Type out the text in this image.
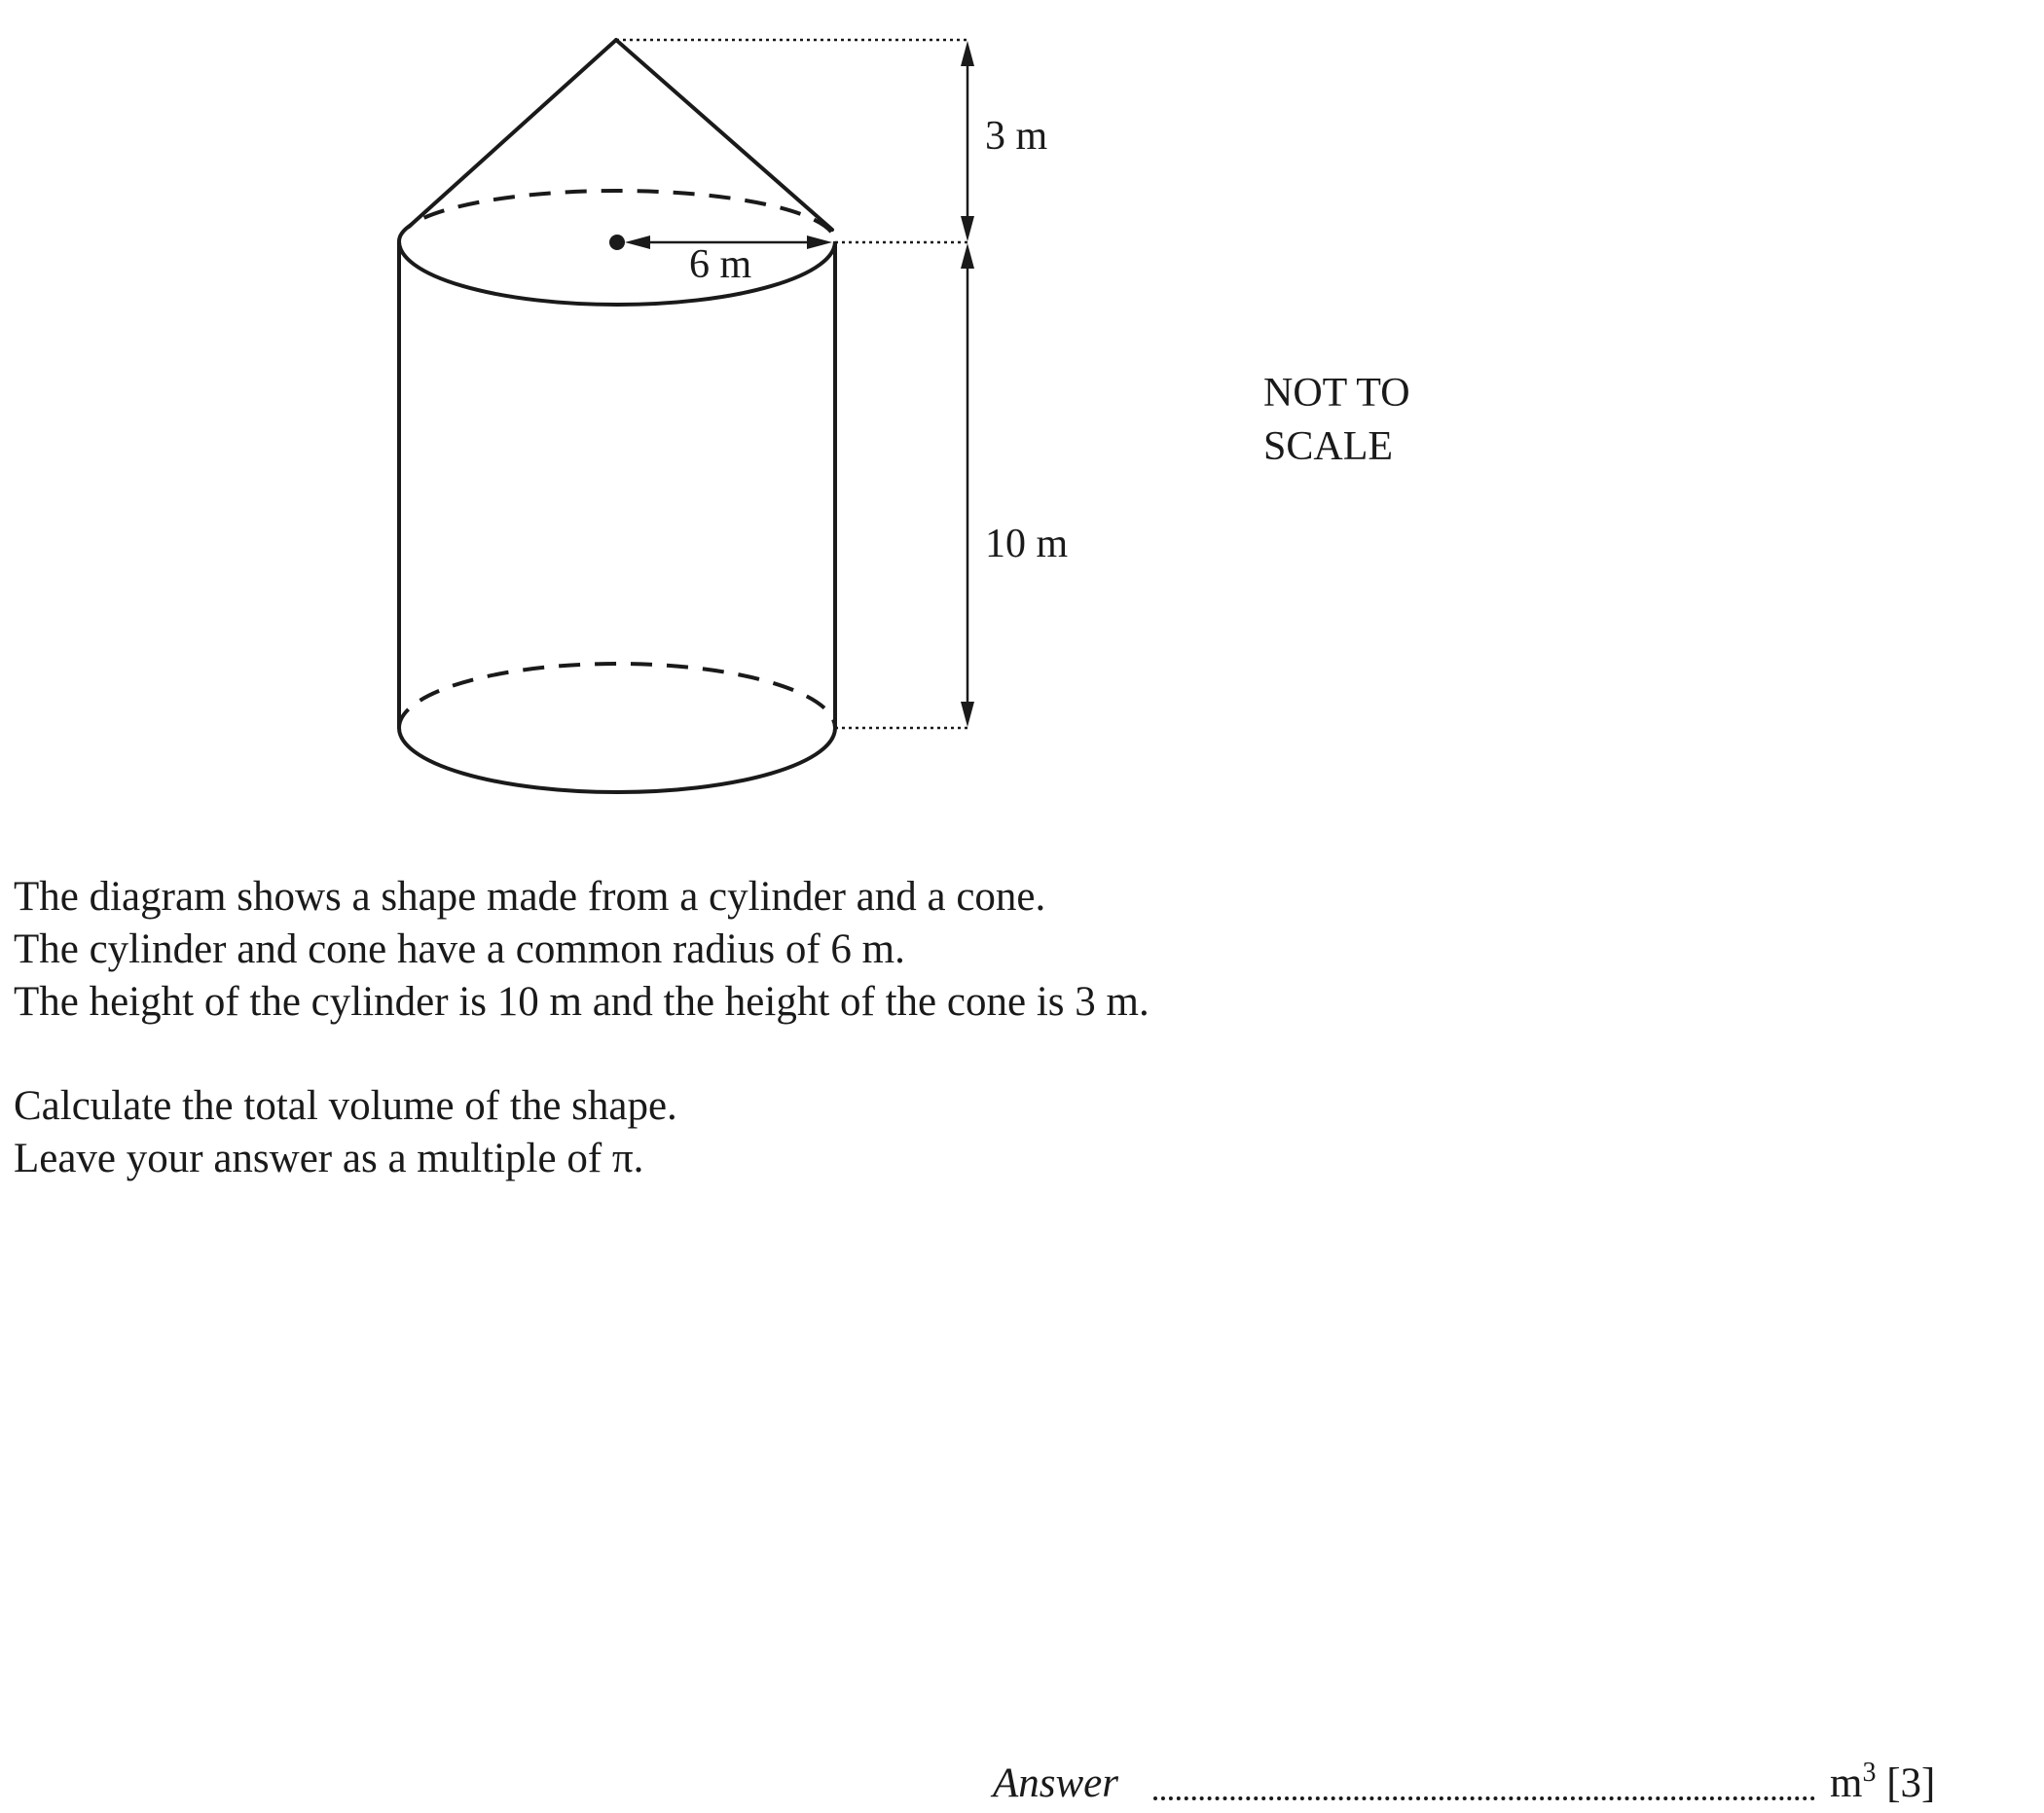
6 m
3 m
10 m
NOT TO
SCALE

The diagram shows a shape made from a cylinder and a cone.

The cylinder and cone have a common radius of 6 m.

The height of the cylinder is 10 m and the height of the cone is 3 m.

Calculate the total volume of the shape.

Leave your answer as a multiple of π.

Answer	$m^3$ [3]
